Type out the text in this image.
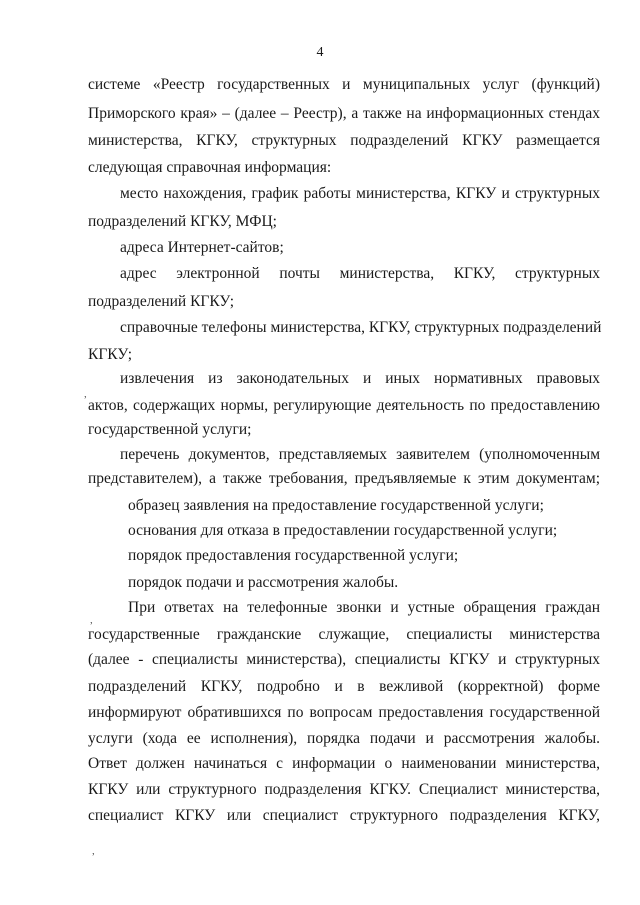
4
системе «Реестр государственных и муниципальных услуг (функций)
Приморского края» – (далее – Реестр), а также на информационных стендах
министерства, КГКУ, структурных подразделений КГКУ размещается
следующая справочная информация:
место нахождения, график работы министерства, КГКУ и структурных
подразделений КГКУ, МФЦ;
адреса Интернет-сайтов;
адрес электронной почты министерства, КГКУ, структурных
подразделений КГКУ;
справочные телефоны министерства, КГКУ, структурных подразделений
КГКУ;
извлечения из законодательных и иных нормативных правовых
актов, содержащих нормы, регулирующие деятельность по предоставлению
государственной услуги;
перечень документов, представляемых заявителем (уполномоченным
представителем), а также требования, предъявляемые к этим документам;
образец заявления на предоставление государственной услуги;
основания для отказа в предоставлении государственной услуги;
порядок предоставления государственной услуги;
порядок подачи и рассмотрения жалобы.
При ответах на телефонные звонки и устные обращения граждан
государственные гражданские служащие, специалисты министерства
(далее - специалисты министерства), специалисты КГКУ и структурных
подразделений КГКУ, подробно и в вежливой (корректной) форме
информируют обратившихся по вопросам предоставления государственной
услуги (хода ее исполнения), порядка подачи и рассмотрения жалобы.
Ответ должен начинаться с информации о наименовании министерства,
КГКУ или структурного подразделения КГКУ. Специалист министерства,
специалист КГКУ или специалист структурного подразделения КГКУ,
,
,
,
